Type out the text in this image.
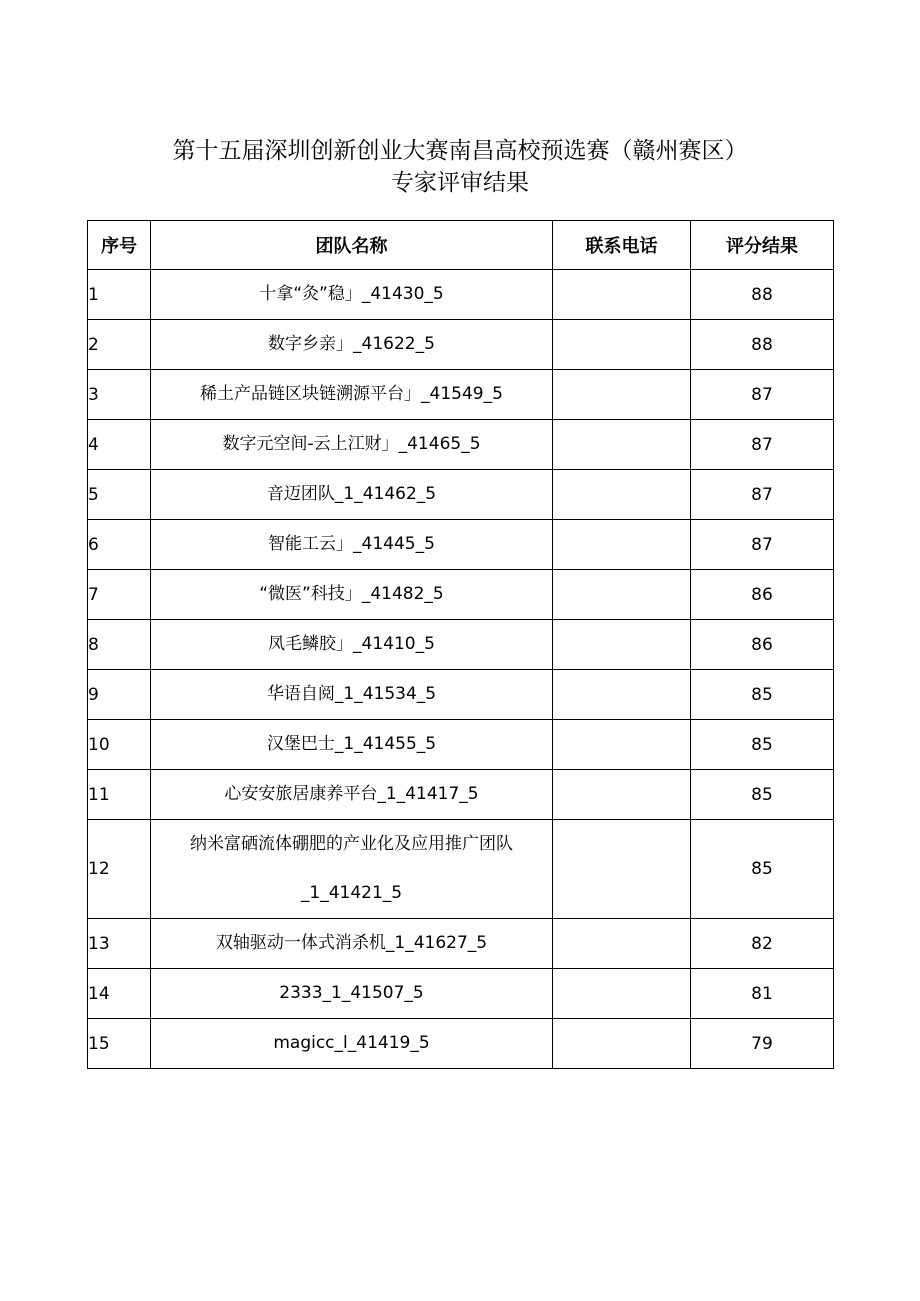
第十五届深圳创新创业大赛南昌高校预选赛（赣州赛区）
专家评审结果
序号	团队名称	联系电话	评分结果
1	十拿“灸”稳」_41430_5		88
2	数字乡亲」_41622_5		88
3	稀土产品链区块链溯源平台」_41549_5		87
4	数字元空间-云上江财」_41465_5		87
5	音迈团队_1_41462_5		87
6	智能工云」_41445_5		87
7	“微医”科技」_41482_5		86
8	凤毛鳞胶」_41410_5		86
9	华语自阅_1_41534_5		85
10	汉堡巴士_1_41455_5		85
11	心安安旅居康养平台_1_41417_5		85
12	纳米富硒流体硼肥的产业化及应用推广团队_1_41421_5		85
13	双轴驱动一体式消杀机_1_41627_5		82
14	2333_1_41507_5		81
15	magicc_l_41419_5		79
